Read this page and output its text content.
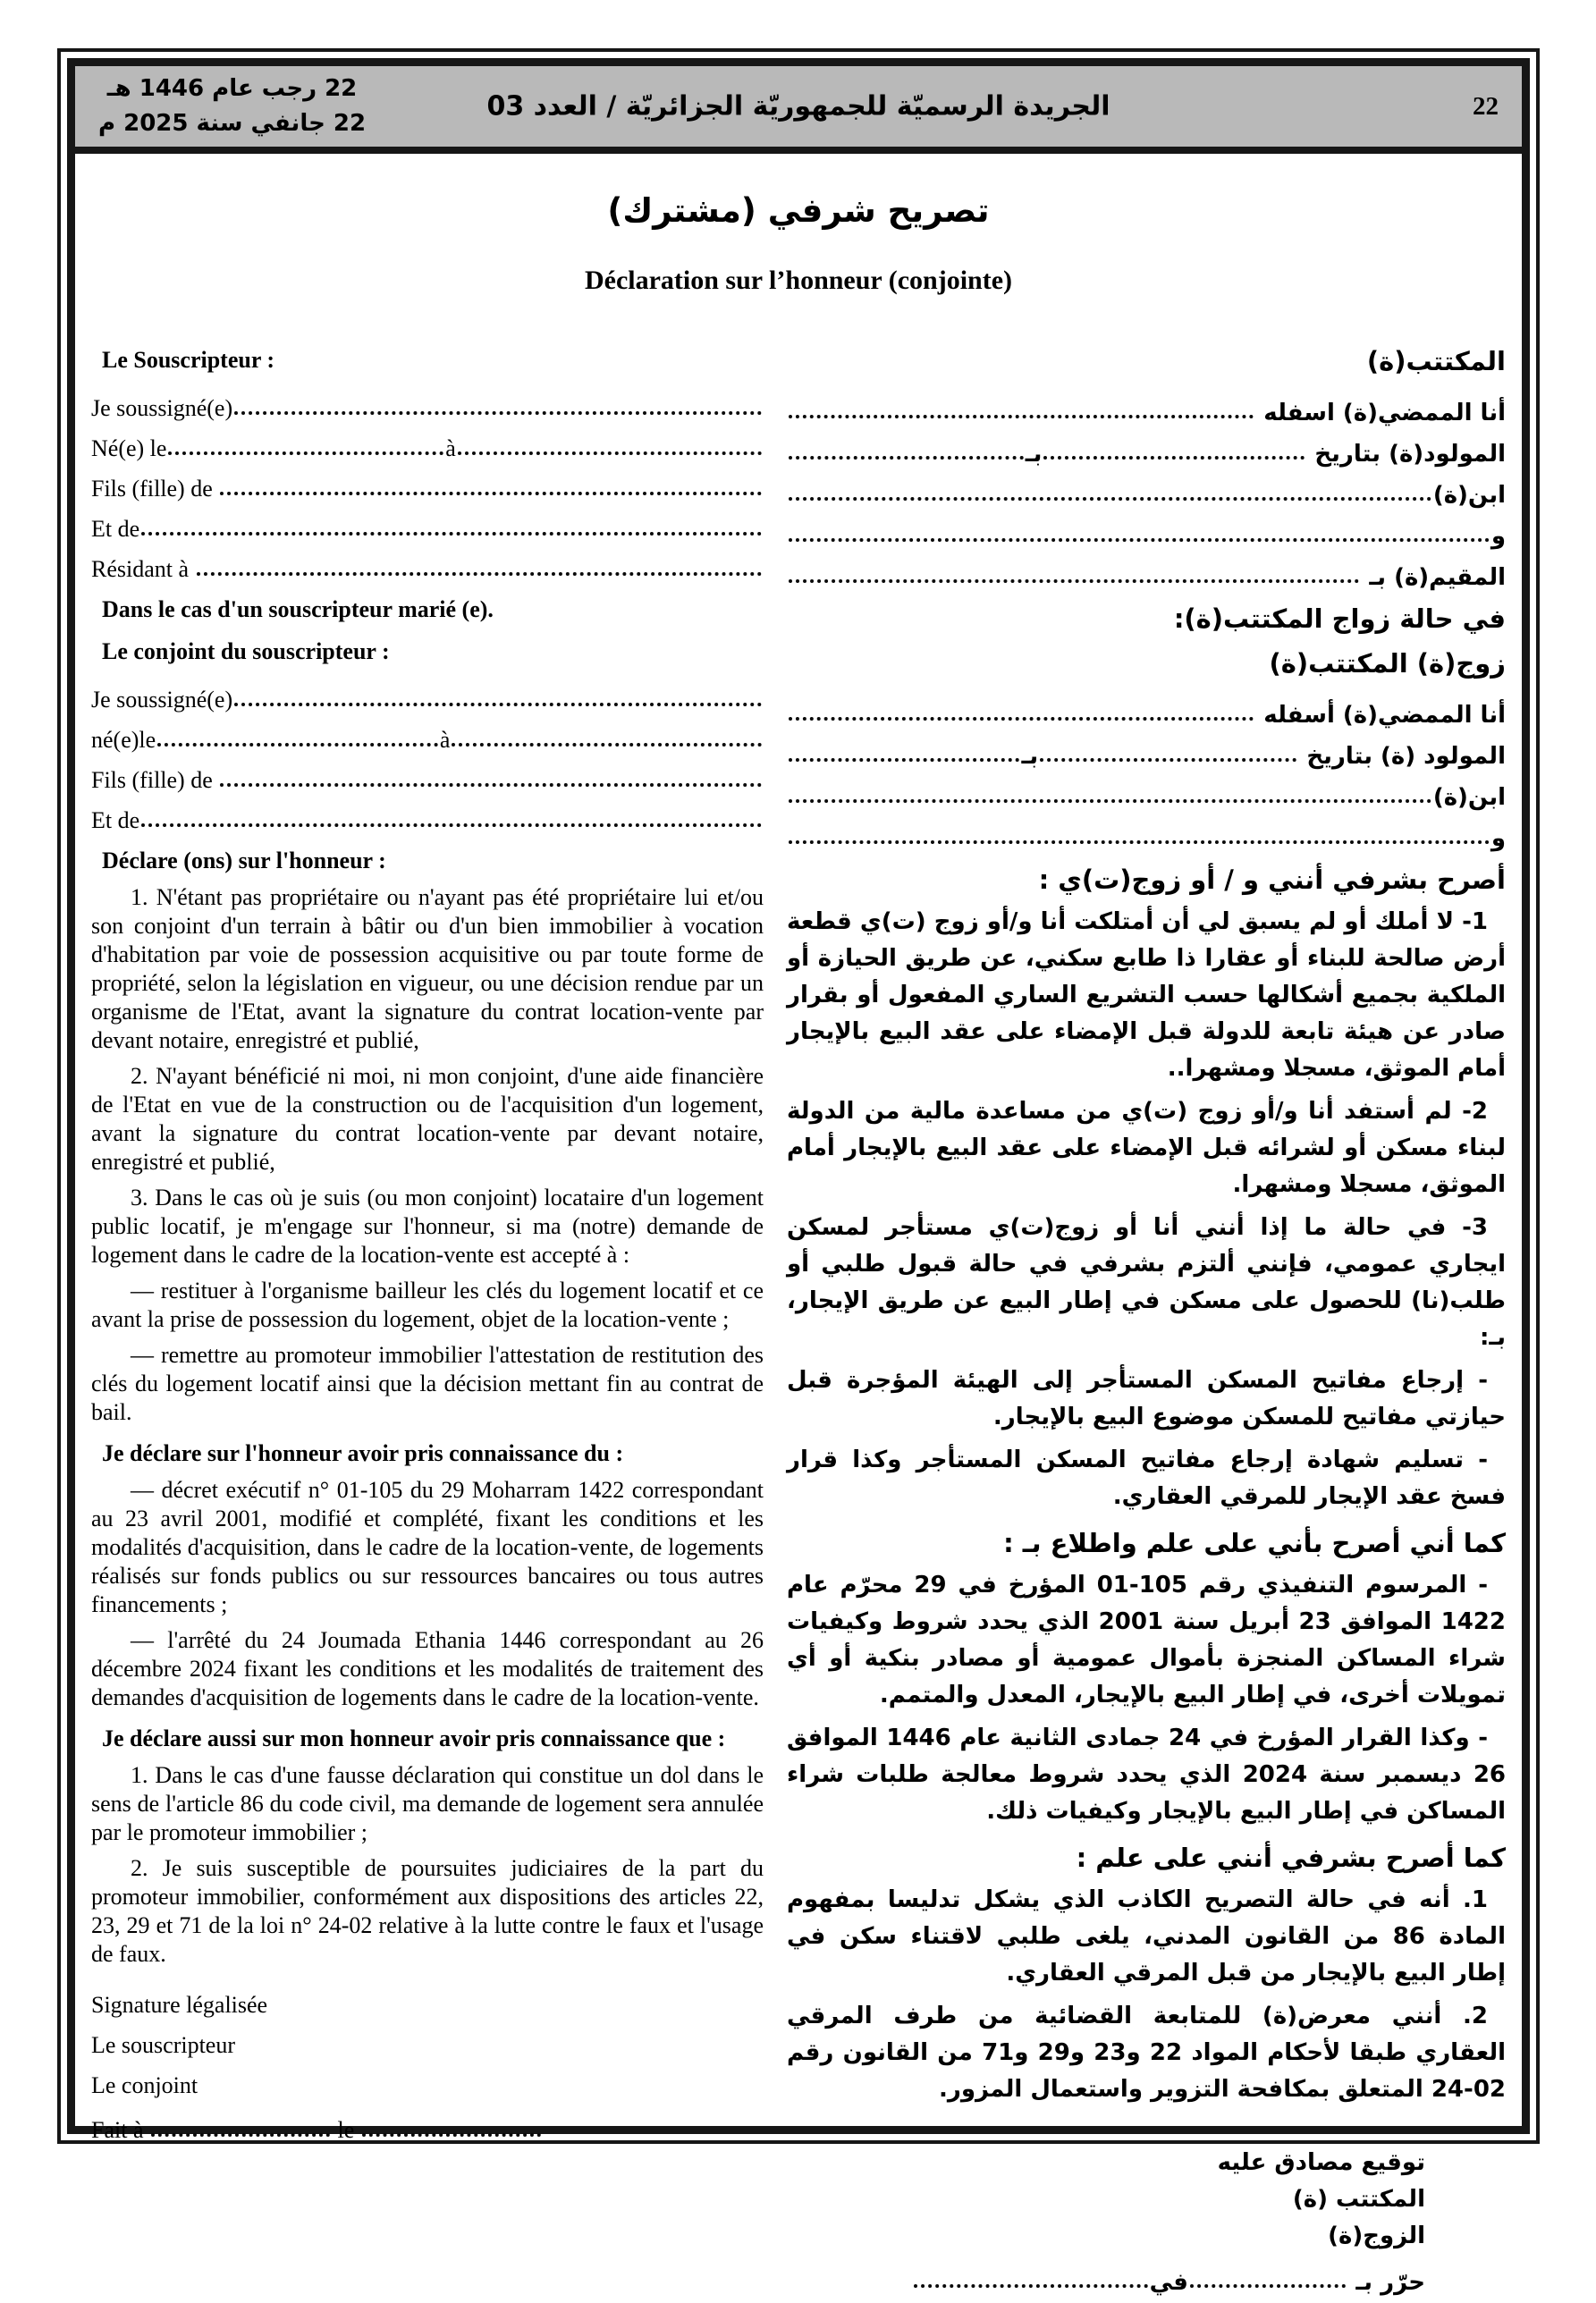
22 رجب عام 1446 هـ
22 جانفي سنة 2025 م
الجريدة الرسميّة للجمهوريّة الجزائريّة / العدد 03	22
تصريح شرفي (مشترك)
Déclaration sur l’honneur (conjointe)
Le Souscripteur :
Je soussigné(e)
Né(e) le	à
Fils (fille) de
Et de
Résidant à
Dans le cas d'un souscripteur marié (e).
Le conjoint du souscripteur :
Je soussigné(e)
né(e)le	à
Fils (fille) de
Et de
Déclare (ons) sur l'honneur :
1. N'étant pas propriétaire ou n'ayant pas été propriétaire lui et/ou son conjoint d'un terrain à bâtir ou d'un bien immobilier à vocation d'habitation par voie de possession acquisitive ou par toute forme de propriété, selon la législation en vigueur, ou une décision rendue par un organisme de l'Etat, avant la signature du contrat location-vente par devant notaire, enregistré et publié,
2. N'ayant bénéficié ni moi, ni mon conjoint, d'une aide financière de l'Etat en vue de la construction ou de l'acquisition d'un logement, avant la signature du contrat location-vente par devant notaire, enregistré et publié,
3. Dans le cas où je suis (ou mon conjoint) locataire d'un logement public locatif, je m'engage sur l'honneur, si ma (notre) demande de logement dans le cadre de la location-vente est accepté à :
— restituer à l'organisme bailleur les clés du logement locatif et ce avant la prise de possession du logement, objet de la location-vente ;
— remettre au promoteur immobilier l'attestation de restitution des clés du logement locatif ainsi que la décision mettant fin au contrat de bail.
Je déclare sur l'honneur avoir pris connaissance du :
— décret exécutif n° 01-105 du 29 Moharram 1422 correspondant au 23 avril 2001, modifié et complété, fixant les conditions et les modalités d'acquisition, dans le cadre de la location-vente, de logements réalisés sur fonds publics ou sur ressources bancaires ou tous autres financements ;
— l'arrêté du 24 Joumada Ethania 1446 correspondant au 26 décembre 2024 fixant les conditions et les modalités de traitement des demandes d'acquisition de logements dans le cadre de la location-vente.
Je déclare aussi sur mon honneur avoir pris connaissance que :
1. Dans le cas d'une fausse déclaration qui constitue un dol dans le sens de l'article 86 du code civil, ma demande de logement sera annulée par le promoteur immobilier ;
2. Je suis susceptible de poursuites judiciaires de la part du promoteur immobilier, conformément aux dispositions des articles 22, 23, 29 et 71 de la loi n° 24-02 relative à la lutte contre le faux et l'usage de faux.
Signature légalisée
Le souscripteur
Le conjoint
Fait à	le
المكتتب(ة)
أنا الممضي(ة) اسفله
المولود(ة) بتاريخ
بـ
ابن(ة)
و
المقيم(ة) بـ
في حالة زواج المكتتب(ة):
زوج(ة) المكتتب(ة)
أنا الممضي(ة) أسفله
المولود (ة) بتاريخ
بـ
ابن(ة)
و
أصرح بشرفي أنني و / أو زوج(ت)ي :
1- لا أملك أو لم يسبق لي أن أمتلكت أنا و/أو زوج (ت)ي قطعة أرض صالحة للبناء أو عقارا ذا طابع سكني، عن طريق الحيازة أو الملكية بجميع أشكالها حسب التشريع الساري المفعول أو بقرار صادر عن هيئة تابعة للدولة قبل الإمضاء على عقد البيع بالإيجار أمام الموثق، مسجلا ومشهرا..
2- لم أستفد أنا و/أو زوج (ت)ي من مساعدة مالية من الدولة لبناء مسكن أو لشرائه قبل الإمضاء على عقد البيع بالإيجار أمام الموثق، مسجلا ومشهرا.
3- في حالة ما إذا أنني أنا أو زوج(ت)ي مستأجر لمسكن ايجاري عمومي، فإنني ألتزم بشرفي في حالة قبول طلبي أو طلب(نا) للحصول على مسكن في إطار البيع عن طريق الإيجار، بـ:
- إرجاع مفاتيح المسكن المستأجر إلى الهيئة المؤجرة قبل حيازتي مفاتيح للمسكن موضوع البيع بالإيجار.
- تسليم شهادة إرجاع مفاتيح المسكن المستأجر وكذا قرار فسخ عقد الإيجار للمرقي العقاري.
كما أني أصرح بأني على علم واطلاع بـ :
- المرسوم التنفيذي رقم 105-01 المؤرخ في 29 محرّم عام 1422 الموافق 23 أبريل سنة 2001 الذي يحدد شروط وكيفيات شراء المساكن المنجزة بأموال عمومية أو مصادر بنكية أو أي تمويلات أخرى، في إطار البيع بالإيجار، المعدل والمتمم.
- وكذا القرار المؤرخ في 24 جمادى الثانية عام 1446 الموافق 26 ديسمبر سنة 2024 الذي يحدد شروط معالجة طلبات شراء المساكن في إطار البيع بالإيجار وكيفيات ذلك.
كما أصرح بشرفي أنني على علم :
1. أنه في حالة التصريح الكاذب الذي يشكل تدليسا بمفهوم المادة 86 من القانون المدني، يلغى طلبي لاقتناء سكن في إطار البيع بالإيجار من قبل المرقي العقاري.
2. أنني معرض(ة) للمتابعة القضائية من طرف المرقي العقاري طبقا لأحكام المواد 22 و23 و29 و71 من القانون رقم 02-24 المتعلق بمكافحة التزوير واستعمال المزور.
توقيع مصادق عليه
المكتتب (ة)
الزوج(ة)
حرّر بـ
في
